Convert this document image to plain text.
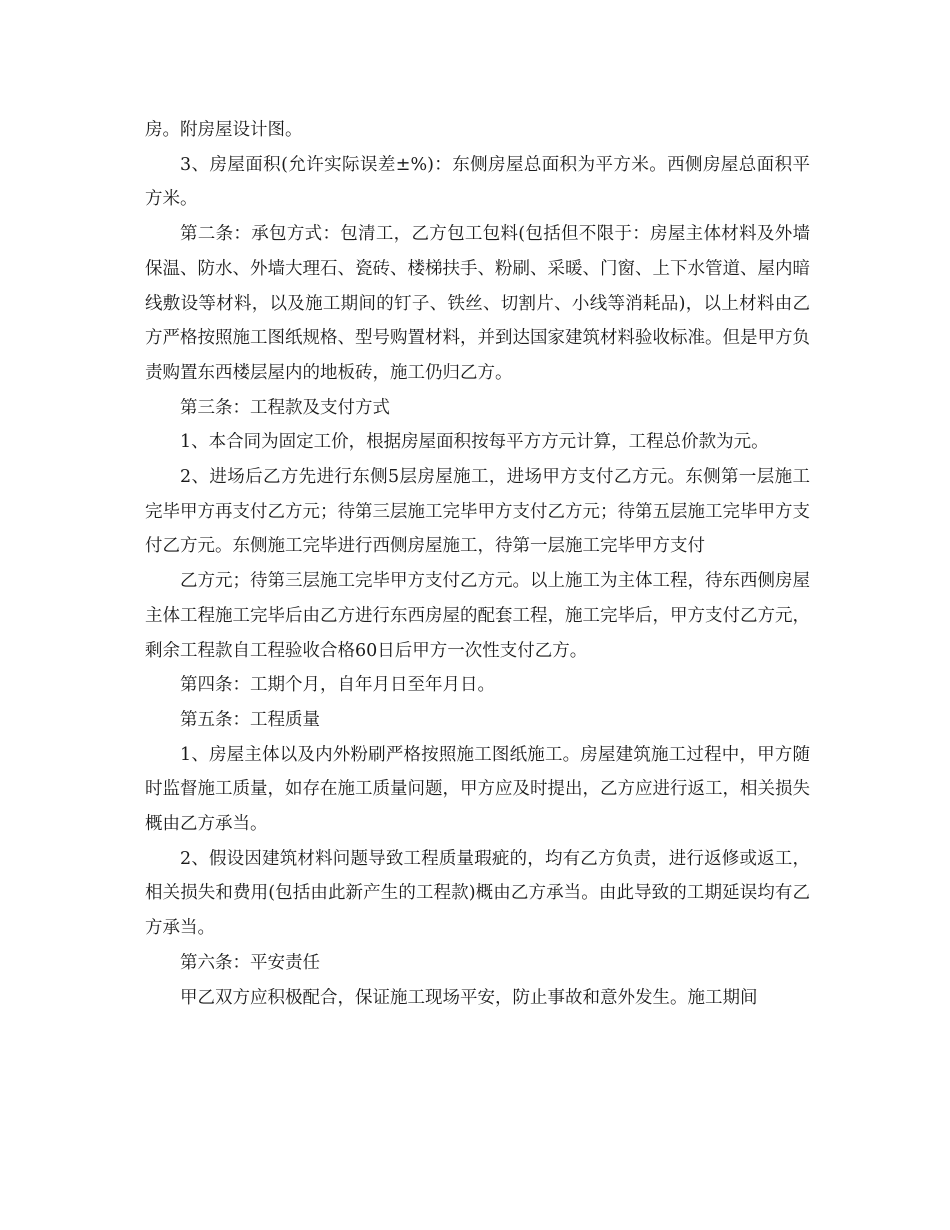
房。附房屋设计图。

3、房屋面积(允许实际误差±%)：东侧房屋总面积为平方米。西侧房屋总面积平方米。

第二条：承包方式：包清工，乙方包工包料(包括但不限于：房屋主体材料及外墙保温、防水、外墙大理石、瓷砖、楼梯扶手、粉刷、采暖、门窗、上下水管道、屋内暗线敷设等材料，以及施工期间的钉子、铁丝、切割片、小线等消耗品)，以上材料由乙方严格按照施工图纸规格、型号购置材料，并到达国家建筑材料验收标准。但是甲方负责购置东西楼层屋内的地板砖，施工仍归乙方。

第三条：工程款及支付方式

1、本合同为固定工价，根据房屋面积按每平方方元计算，工程总价款为元。

2、进场后乙方先进行东侧5层房屋施工，进场甲方支付乙方元。东侧第一层施工完毕甲方再支付乙方元；待第三层施工完毕甲方支付乙方元；待第五层施工完毕甲方支付乙方元。东侧施工完毕进行西侧房屋施工，待第一层施工完毕甲方支付

乙方元；待第三层施工完毕甲方支付乙方元。以上施工为主体工程，待东西侧房屋主体工程施工完毕后由乙方进行东西房屋的配套工程，施工完毕后，甲方支付乙方元，剩余工程款自工程验收合格60日后甲方一次性支付乙方。

第四条：工期个月，自年月日至年月日。

第五条：工程质量

1、房屋主体以及内外粉刷严格按照施工图纸施工。房屋建筑施工过程中，甲方随时监督施工质量，如存在施工质量问题，甲方应及时提出，乙方应进行返工，相关损失概由乙方承当。

2、假设因建筑材料问题导致工程质量瑕疵的，均有乙方负责，进行返修或返工，相关损失和费用(包括由此新产生的工程款)概由乙方承当。由此导致的工期延误均有乙方承当。

第六条：平安责任

甲乙双方应积极配合，保证施工现场平安，防止事故和意外发生。施工期间
